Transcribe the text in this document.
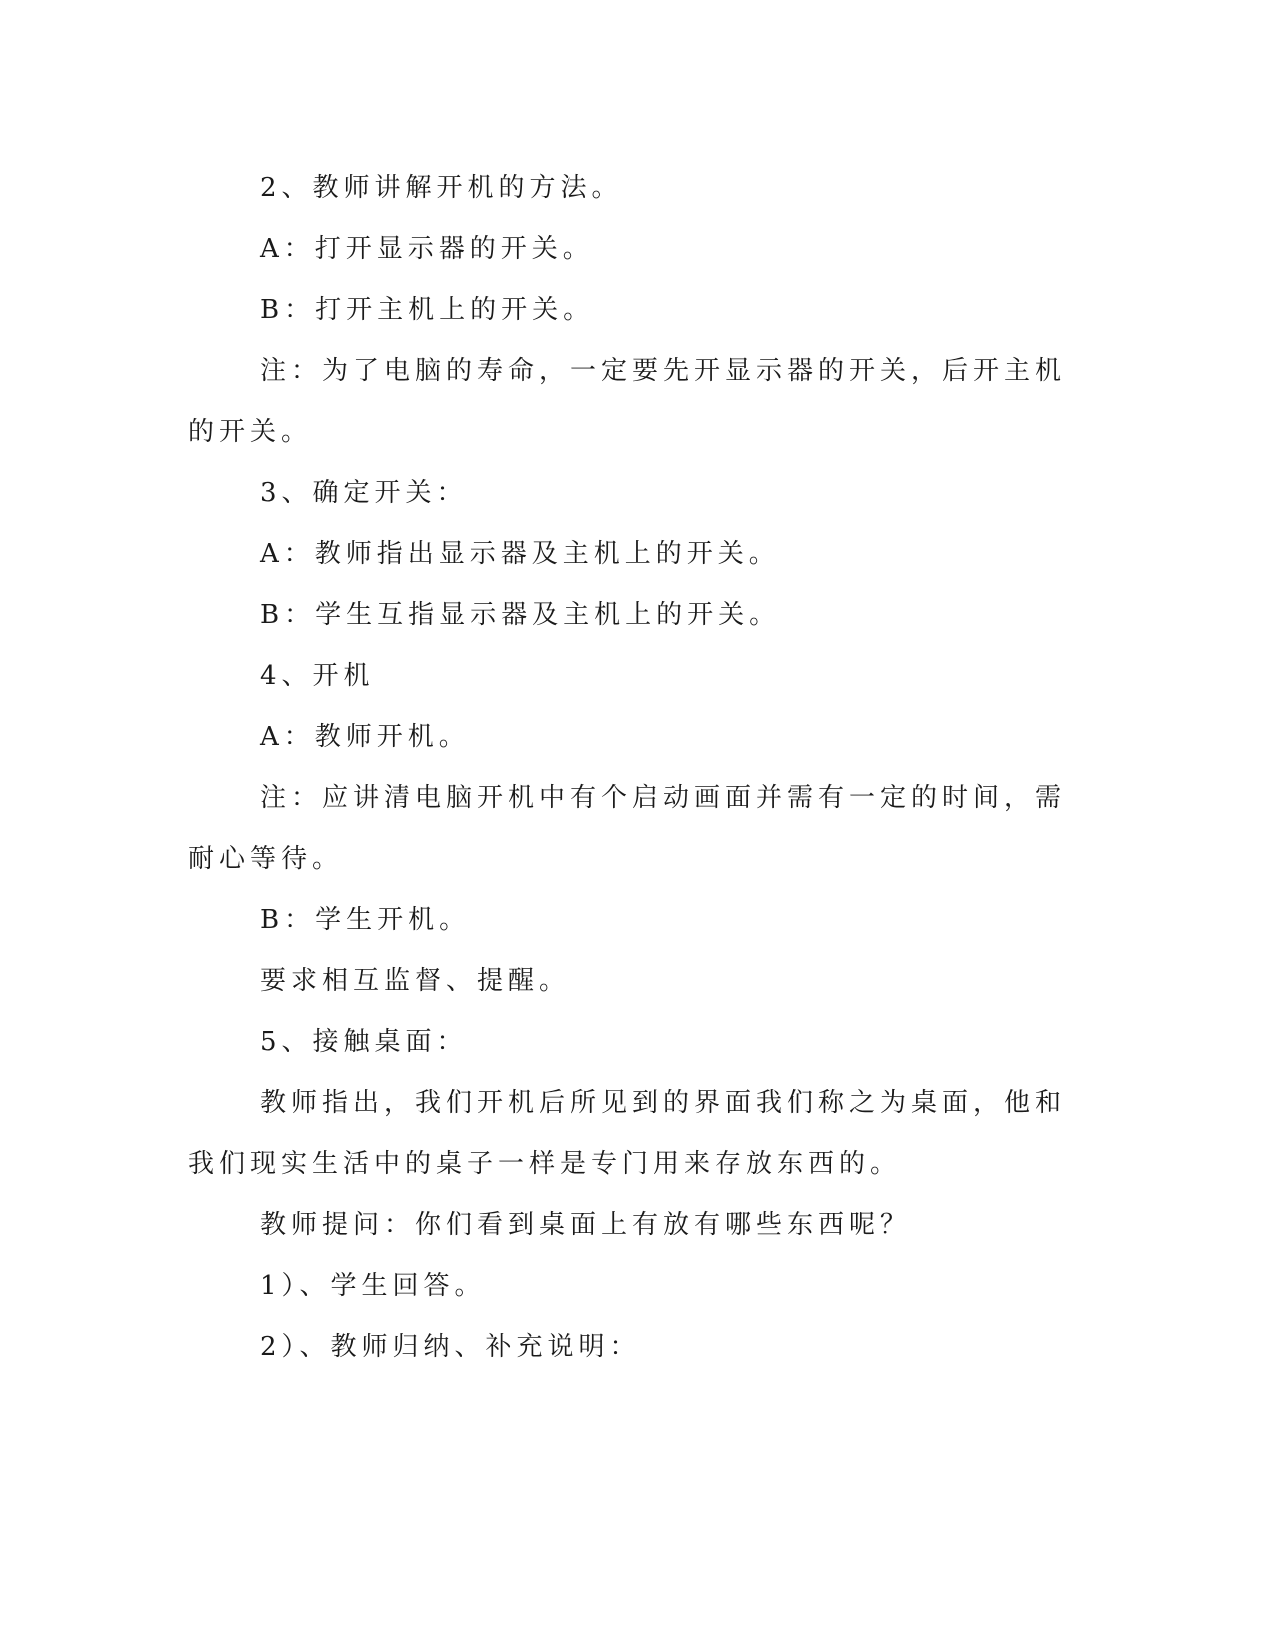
2、教师讲解开机的方法。

A：打开显示器的开关。

B：打开主机上的开关。

注：为了电脑的寿命，一定要先开显示器的开关，后开主机的开关。

3、确定开关：

A：教师指出显示器及主机上的开关。

B：学生互指显示器及主机上的开关。

4、开机

A：教师开机。

注：应讲清电脑开机中有个启动画面并需有一定的时间，需耐心等待。

B：学生开机。

要求相互监督、提醒。

5、接触桌面：

教师指出，我们开机后所见到的界面我们称之为桌面，他和我们现实生活中的桌子一样是专门用来存放东西的。

教师提问：你们看到桌面上有放有哪些东西呢？

1）、学生回答。

2）、教师归纳、补充说明：
